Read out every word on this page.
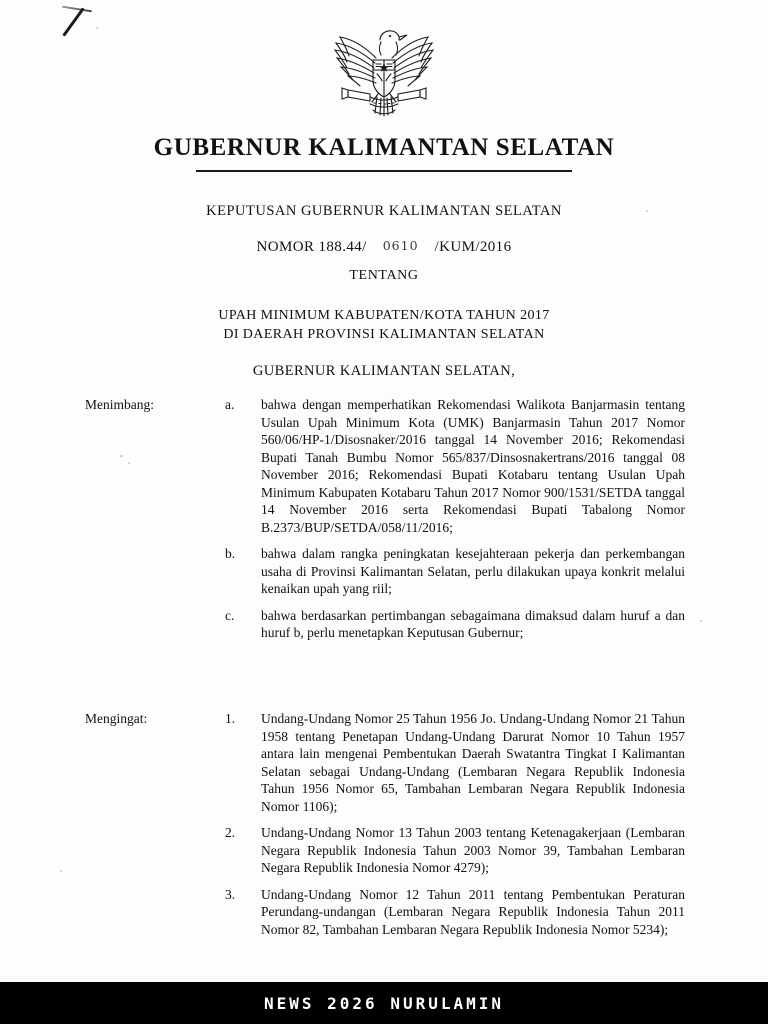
GUBERNUR KALIMANTAN SELATAN
KEPUTUSAN GUBERNUR KALIMANTAN SELATAN
NOMOR 188.44/ 0610 /KUM/2016
TENTANG
UPAH MINIMUM KABUPATEN/KOTA TAHUN 2017
DI DAERAH PROVINSI KALIMANTAN SELATAN
GUBERNUR KALIMANTAN SELATAN,
Menimbang:	a.	bahwa dengan memperhatikan Rekomendasi Walikota Banjarmasin tentang Usulan Upah Minimum Kota (UMK) Banjarmasin Tahun 2017 Nomor 560/06/HP-1/Disosnaker/2016 tanggal 14 November 2016; Rekomendasi Bupati Tanah Bumbu Nomor 565/837/Dinsosnakertrans/2016 tanggal 08 November 2016; Rekomendasi Bupati Kotabaru tentang Usulan Upah Minimum Kabupaten Kotabaru Tahun 2017 Nomor 900/1531/SETDA tanggal 14 November 2016 serta Rekomendasi Bupati Tabalong Nomor B.2373/BUP/SETDA/058/11/2016;
b.	bahwa dalam rangka peningkatan kesejahteraan pekerja dan perkembangan usaha di Provinsi Kalimantan Selatan, perlu dilakukan upaya konkrit melalui kenaikan upah yang riil;
c.	bahwa berdasarkan pertimbangan sebagaimana dimaksud dalam huruf a dan huruf b, perlu menetapkan Keputusan Gubernur;
Mengingat:	1.	Undang-Undang Nomor 25 Tahun 1956 Jo. Undang-Undang Nomor 21 Tahun 1958 tentang Penetapan Undang-Undang Darurat Nomor 10 Tahun 1957 antara lain mengenai Pembentukan Daerah Swatantra Tingkat I Kalimantan Selatan sebagai Undang-Undang (Lembaran Negara Republik Indonesia Tahun 1956 Nomor 65, Tambahan Lembaran Negara Republik Indonesia Nomor 1106);
2.	Undang-Undang Nomor 13 Tahun 2003 tentang Ketenagakerjaan (Lembaran Negara Republik Indonesia Tahun 2003 Nomor 39, Tambahan Lembaran Negara Republik Indonesia Nomor 4279);
3.	Undang-Undang Nomor 12 Tahun 2011 tentang Pembentukan Peraturan Perundang-undangan (Lembaran Negara Republik Indonesia Tahun 2011 Nomor 82, Tambahan Lembaran Negara Republik Indonesia Nomor 5234);
NEWS 2026 NURULAMIN
